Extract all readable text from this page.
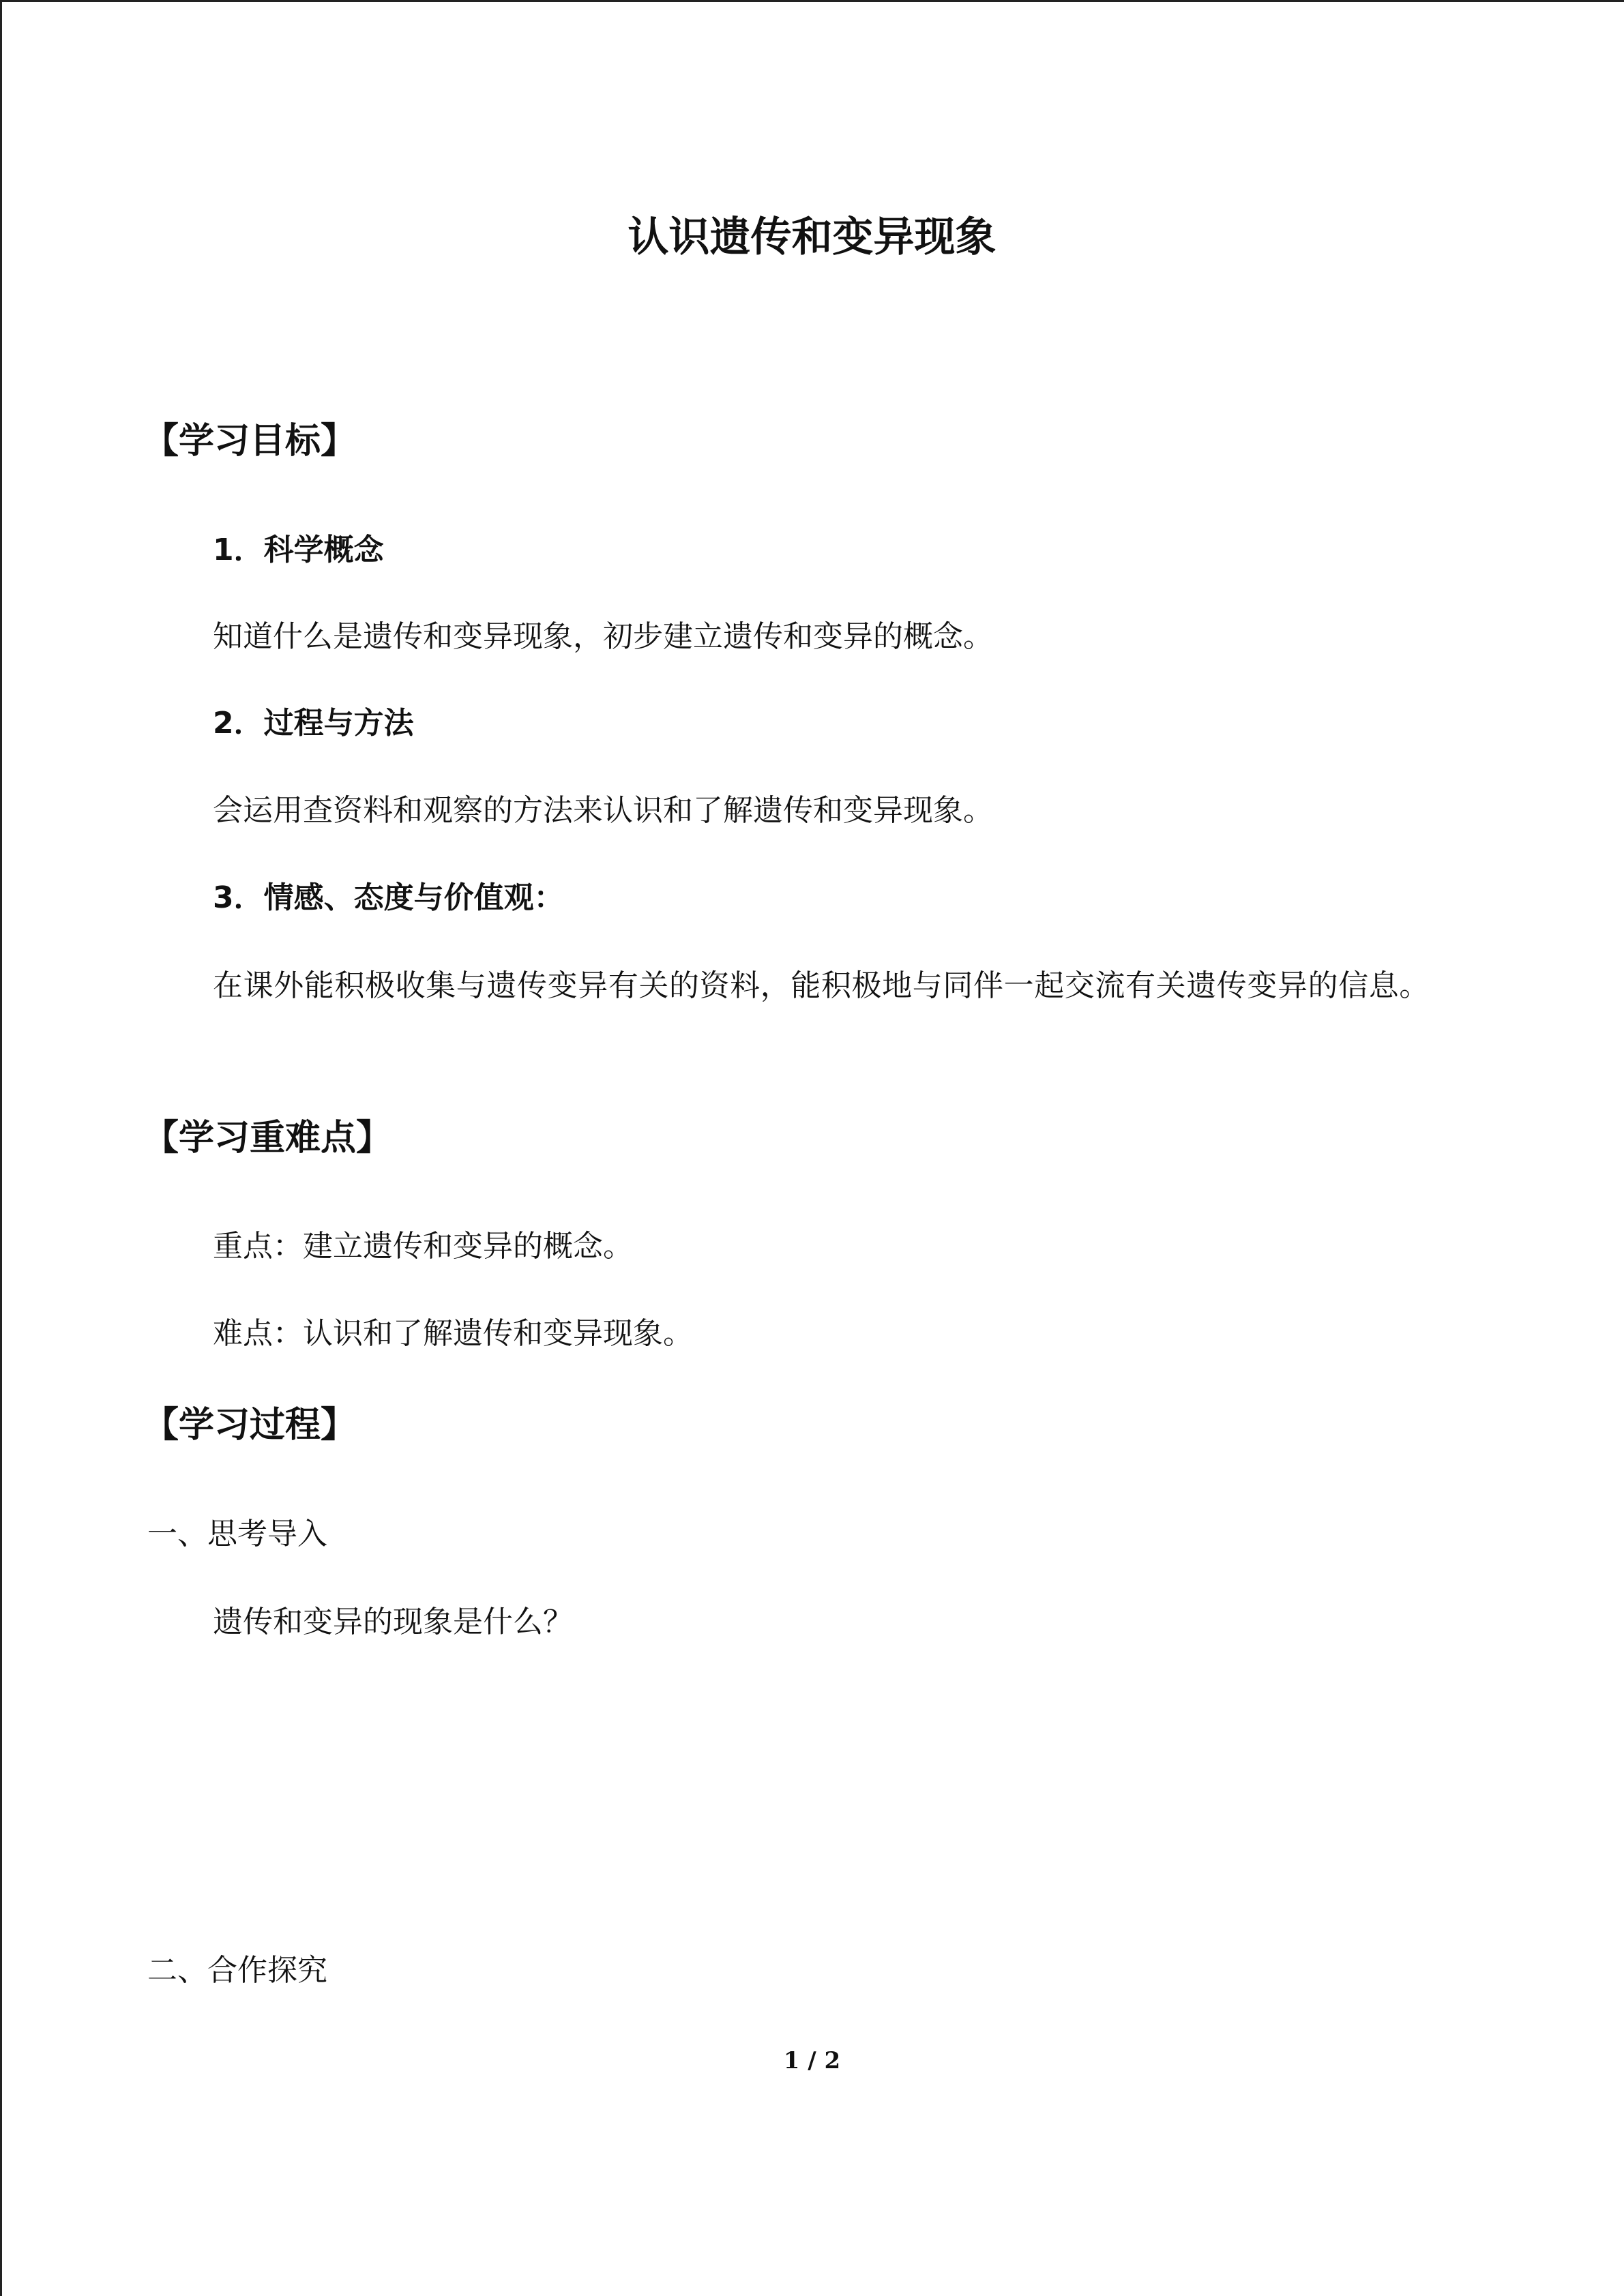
认识遗传和变异现象
【学习目标】
1．科学概念
知道什么是遗传和变异现象，初步建立遗传和变异的概念。
2．过程与方法
会运用查资料和观察的方法来认识和了解遗传和变异现象。
3．情感、态度与价值观：
在课外能积极收集与遗传变异有关的资料，能积极地与同伴一起交流有关遗传变异的信息。
【学习重难点】
重点：建立遗传和变异的概念。
难点：认识和了解遗传和变异现象。
【学习过程】
一、思考导入
遗传和变异的现象是什么？
二、合作探究
1 / 2
